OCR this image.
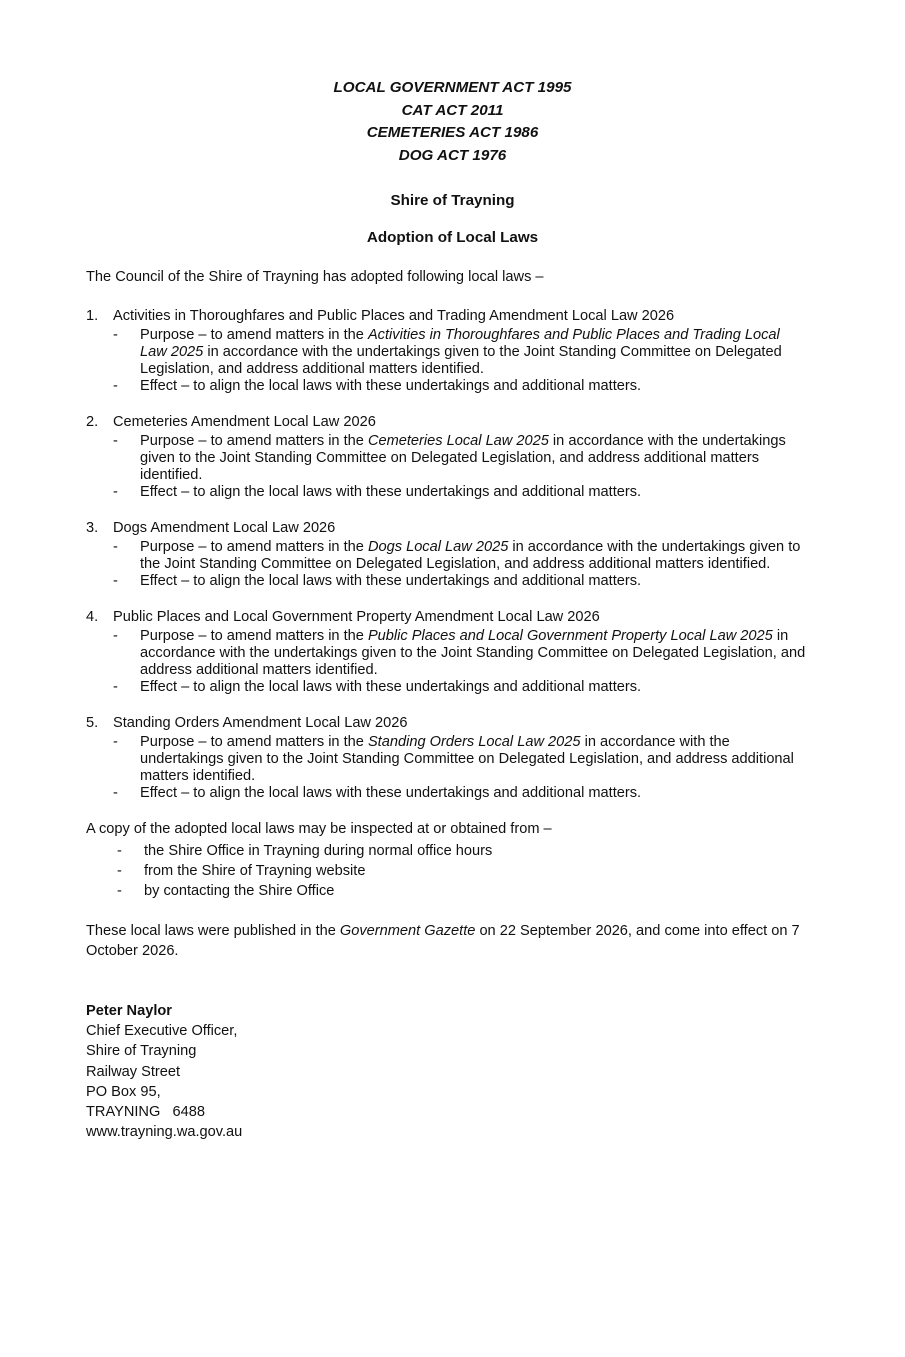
LOCAL GOVERNMENT ACT 1995
CAT ACT 2011
CEMETERIES ACT 1986
DOG ACT 1976
Shire of Trayning
Adoption of Local Laws

The Council of the Shire of Trayning has adopted following local laws –

1.	Activities in Thoroughfares and Public Places and Trading Amendment Local Law 2026
-	Purpose – to amend matters in the Activities in Thoroughfares and Public Places and Trading Local Law 2025 in accordance with the undertakings given to the Joint Standing Committee on Delegated Legislation, and address additional matters identified.
-	Effect – to align the local laws with these undertakings and additional matters.
2.	Cemeteries Amendment Local Law 2026
-	Purpose – to amend matters in the Cemeteries Local Law 2025 in accordance with the undertakings given to the Joint Standing Committee on Delegated Legislation, and address additional matters identified.
-	Effect – to align the local laws with these undertakings and additional matters.
3.	Dogs Amendment Local Law 2026
-	Purpose – to amend matters in the Dogs Local Law 2025 in accordance with the undertakings given to the Joint Standing Committee on Delegated Legislation, and address additional matters identified.
-	Effect – to align the local laws with these undertakings and additional matters.
4.	Public Places and Local Government Property Amendment Local Law 2026
-	Purpose – to amend matters in the Public Places and Local Government Property Local Law 2025 in accordance with the undertakings given to the Joint Standing Committee on Delegated Legislation, and address additional matters identified.
-	Effect – to align the local laws with these undertakings and additional matters.
5.	Standing Orders Amendment Local Law 2026
-	Purpose – to amend matters in the Standing Orders Local Law 2025 in accordance with the undertakings given to the Joint Standing Committee on Delegated Legislation, and address additional matters identified.
-	Effect – to align the local laws with these undertakings and additional matters.
A copy of the adopted local laws may be inspected at or obtained from –
-	the Shire Office in Trayning during normal office hours
-	from the Shire of Trayning website
-	by contacting the Shire Office

These local laws were published in the Government Gazette on 22 September 2026, and come into effect on 7 October 2026.

Peter Naylor
Chief Executive Officer,
Shire of Trayning
Railway Street
PO Box 95,
TRAYNING   6488
www.trayning.wa.gov.au
